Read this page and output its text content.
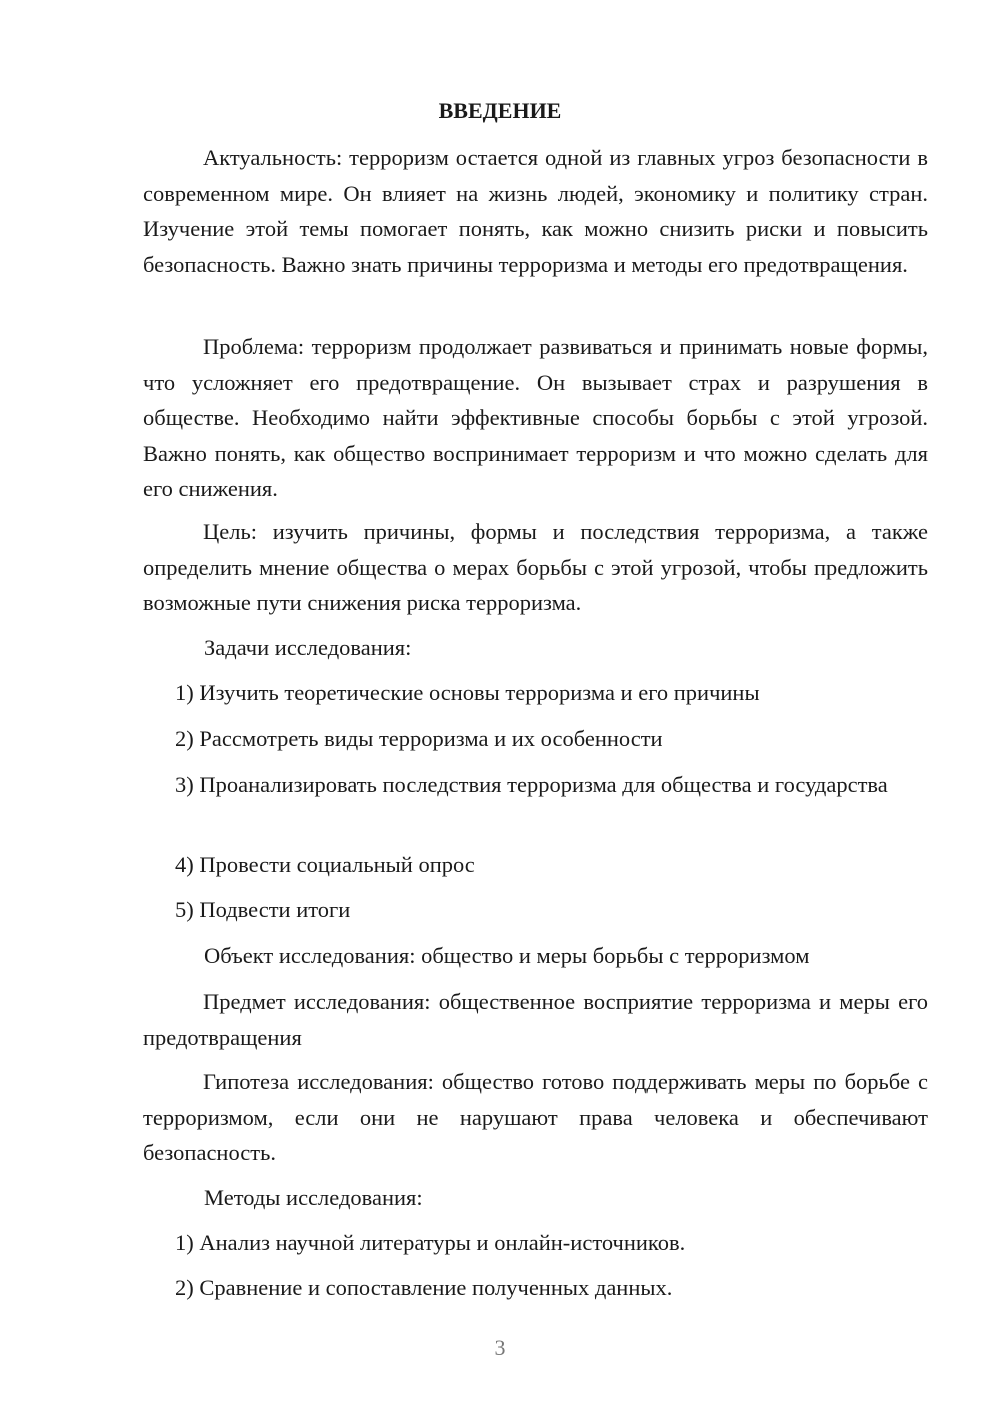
ВВЕДЕНИЕ

Актуальность: терроризм остается одной из главных угроз безопасности в современном мире. Он влияет на жизнь людей, экономику и политику стран. Изучение этой темы помогает понять, как можно снизить риски и повысить безопасность. Важно знать причины терроризма и методы его предотвращения.

Проблема: терроризм продолжает развиваться и принимать новые формы, что усложняет его предотвращение. Он вызывает страх и разрушения в обществе. Необходимо найти эффективные способы борьбы с этой угрозой. Важно понять, как общество воспринимает терроризм и что можно сделать для его снижения.

Цель: изучить причины, формы и последствия терроризма, а также определить мнение общества о мерах борьбы с этой угрозой, чтобы предложить возможные пути снижения риска терроризма.

Задачи исследования:
1) Изучить теоретические основы терроризма и его причины
2) Рассмотреть виды терроризма и их особенности

3) Проанализировать последствия терроризма для общества и государства

4) Провести социальный опрос
5) Подвести итоги
Объект исследования: общество и меры борьбы с терроризмом

Предмет исследования: общественное восприятие терроризма и меры его предотвращения

Гипотеза исследования: общество готово поддерживать меры по борьбе с терроризмом, если они не нарушают права человека и обеспечивают безопасность.

Методы исследования:
1) Анализ научной литературы и онлайн-источников.
2) Сравнение и сопоставление полученных данных.
3
